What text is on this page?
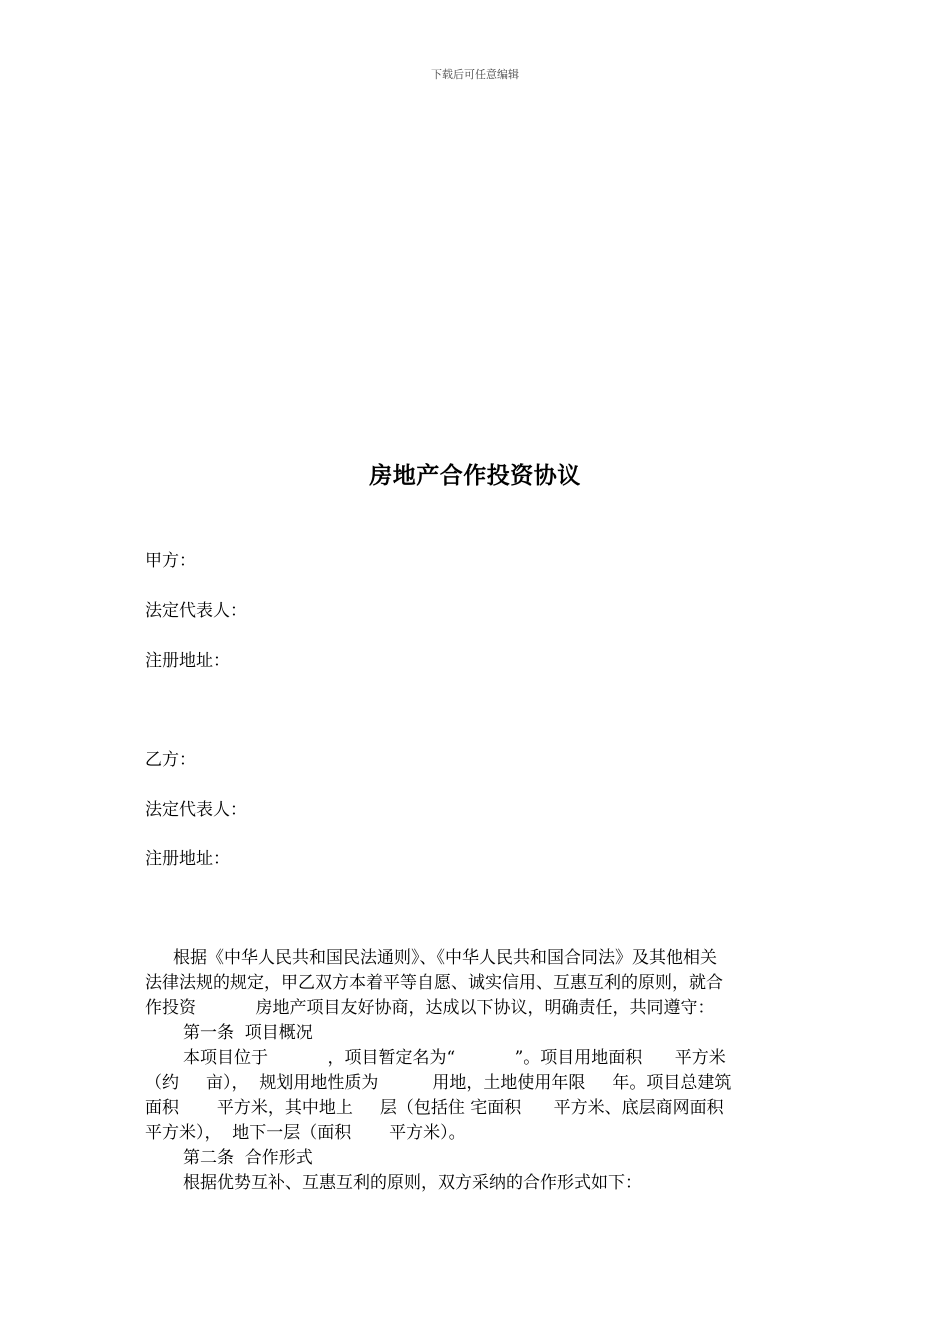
下载后可任意编辑
房地产合作投资协议
甲方：
法定代表人：
注册地址：
乙方：
法定代表人：
注册地址：
根据《中华人民共和国民法通则》、《中华人民共和国合同法》及其他相关
法律法规的规定，甲乙双方本着平等自愿、诚实信用、互惠互利的原则，就合
作投资           房地产项目友好协商，达成以下协议，明确责任，共同遵守：
第一条  项目概况
本项目位于           ，项目暂定名为“           ”。项目用地面积      平方米
（约     亩），  规划用地性质为          用地，土地使用年限     年。项目总建筑
面积       平方米，其中地上     层（包括住 宅面积      平方米、底层商网面积
平方米），  地下一层（面积       平方米）。
第二条  合作形式
根据优势互补、互惠互利的原则，双方采纳的合作形式如下：
